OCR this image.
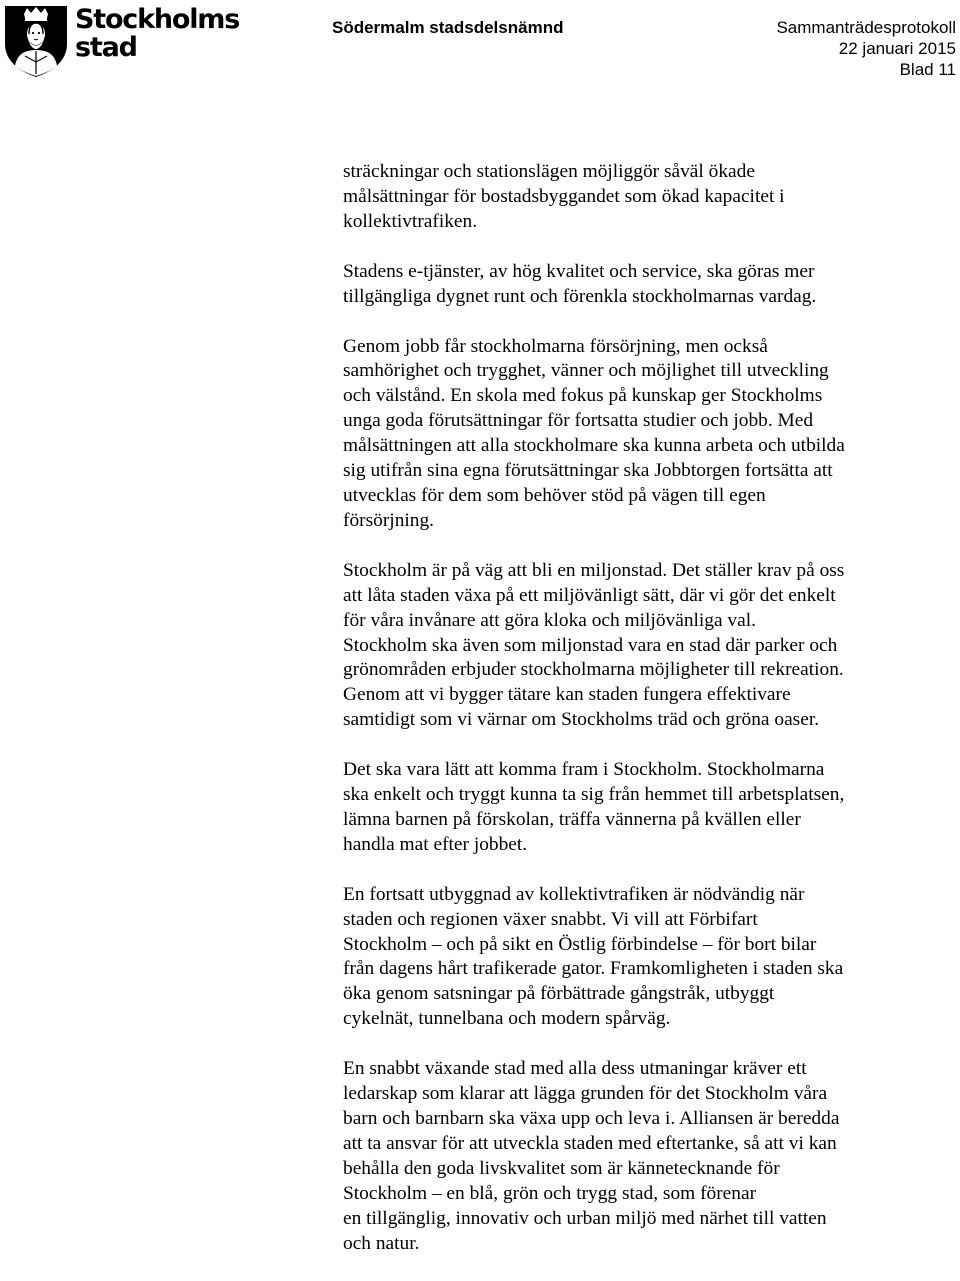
Stockholms
stad
Södermalm stadsdelsnämnd	Sammanträdesprotokoll
22 januari 2015
Blad 11

sträckningar och stationslägen möjliggör såväl ökade
målsättningar för bostadsbyggandet som ökad kapacitet i
kollektivtrafiken.

Stadens e-tjänster, av hög kvalitet och service, ska göras mer
tillgängliga dygnet runt och förenkla stockholmarnas vardag.

Genom jobb får stockholmarna försörjning, men också
samhörighet och trygghet, vänner och möjlighet till utveckling
och välstånd. En skola med fokus på kunskap ger Stockholms
unga goda förutsättningar för fortsatta studier och jobb. Med
målsättningen att alla stockholmare ska kunna arbeta och utbilda
sig utifrån sina egna förutsättningar ska Jobbtorgen fortsätta att
utvecklas för dem som behöver stöd på vägen till egen
försörjning.

Stockholm är på väg att bli en miljonstad. Det ställer krav på oss
att låta staden växa på ett miljövänligt sätt, där vi gör det enkelt
för våra invånare att göra kloka och miljövänliga val.
Stockholm ska även som miljonstad vara en stad där parker och
grönområden erbjuder stockholmarna möjligheter till rekreation.
Genom att vi bygger tätare kan staden fungera effektivare
samtidigt som vi värnar om Stockholms träd och gröna oaser.

Det ska vara lätt att komma fram i Stockholm. Stockholmarna
ska enkelt och tryggt kunna ta sig från hemmet till arbetsplatsen,
lämna barnen på förskolan, träffa vännerna på kvällen eller
handla mat efter jobbet.

En fortsatt utbyggnad av kollektivtrafiken är nödvändig när
staden och regionen växer snabbt. Vi vill att Förbifart
Stockholm – och på sikt en Östlig förbindelse – för bort bilar
från dagens hårt trafikerade gator. Framkomligheten i staden ska
öka genom satsningar på förbättrade gångstråk, utbyggt
cykelnät, tunnelbana och modern spårväg.

En snabbt växande stad med alla dess utmaningar kräver ett
ledarskap som klarar att lägga grunden för det Stockholm våra
barn och barnbarn ska växa upp och leva i. Alliansen är beredda
att ta ansvar för att utveckla staden med eftertanke, så att vi kan
behålla den goda livskvalitet som är kännetecknande för
Stockholm – en blå, grön och trygg stad, som förenar
en tillgänglig, innovativ och urban miljö med närhet till vatten
och natur.
